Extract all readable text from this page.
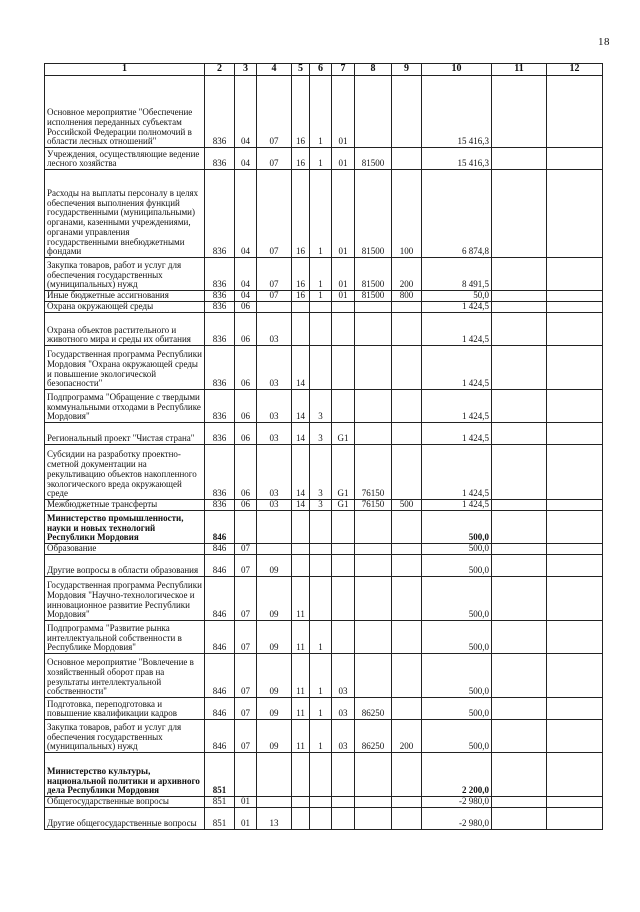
18
1	2	3	4	5	6	7	8	9	10	11	12
Основное мероприятие "Обеспечение исполнения переданных субъектам Российской Федерации полномочий в области лесных отношений"	836	04	07	16	1	01			15 416,3		
Учреждения, осуществляющие ведение лесного хозяйства	836	04	07	16	1	01	81500		15 416,3		
Расходы на выплаты персоналу в целях обеспечения выполнения функций государственными (муниципальными) органами, казенными учреждениями, органами управления государственными внебюджетными фондами	836	04	07	16	1	01	81500	100	6 874,8		
Закупка товаров, работ и услуг для обеспечения государственных (муниципальных) нужд	836	04	07	16	1	01	81500	200	8 491,5		
Иные бюджетные ассигнования	836	04	07	16	1	01	81500	800	50,0		
Охрана окружающей среды	836	06							1 424,5		
Охрана объектов растительного и животного мира и среды их обитания	836	06	03						1 424,5		
Государственная программа Республики Мордовия "Охрана окружающей среды и повышение экологической безопасности"	836	06	03	14					1 424,5		
Подпрограмма "Обращение с твердыми коммунальными отходами в Республике Мордовия"	836	06	03	14	3				1 424,5		
Региональный проект "Чистая страна"	836	06	03	14	3	G1			1 424,5		
Субсидии на разработку проектно-сметной документации на рекультивацию объектов накопленного экологического вреда окружающей среде	836	06	03	14	3	G1	76150		1 424,5		
Межбюджетные трансферты	836	06	03	14	3	G1	76150	500	1 424,5		
Министерство промышленности, науки и новых технологий Республики Мордовия	846								500,0		
Образование	846	07							500,0		
Другие вопросы в области образования	846	07	09						500,0		
Государственная программа Республики Мордовия "Научно-технологическое и инновационное развитие Республики Мордовия"	846	07	09	11					500,0		
Подпрограмма "Развитие рынка интеллектуальной собственности в Республике Мордовия"	846	07	09	11	1				500,0		
Основное мероприятие "Вовлечение в хозяйственный оборот прав на результаты интеллектуальной собственности"	846	07	09	11	1	03			500,0		
Подготовка, переподготовка и повышение квалификации кадров	846	07	09	11	1	03	86250		500,0		
Закупка товаров, работ и услуг для обеспечения государственных (муниципальных) нужд	846	07	09	11	1	03	86250	200	500,0		
Министерство культуры, национальной политики и архивного дела Республики Мордовия	851								2 200,0		
Общегосударственные вопросы	851	01							-2 980,0		
Другие общегосударственные вопросы	851	01	13						-2 980,0		
